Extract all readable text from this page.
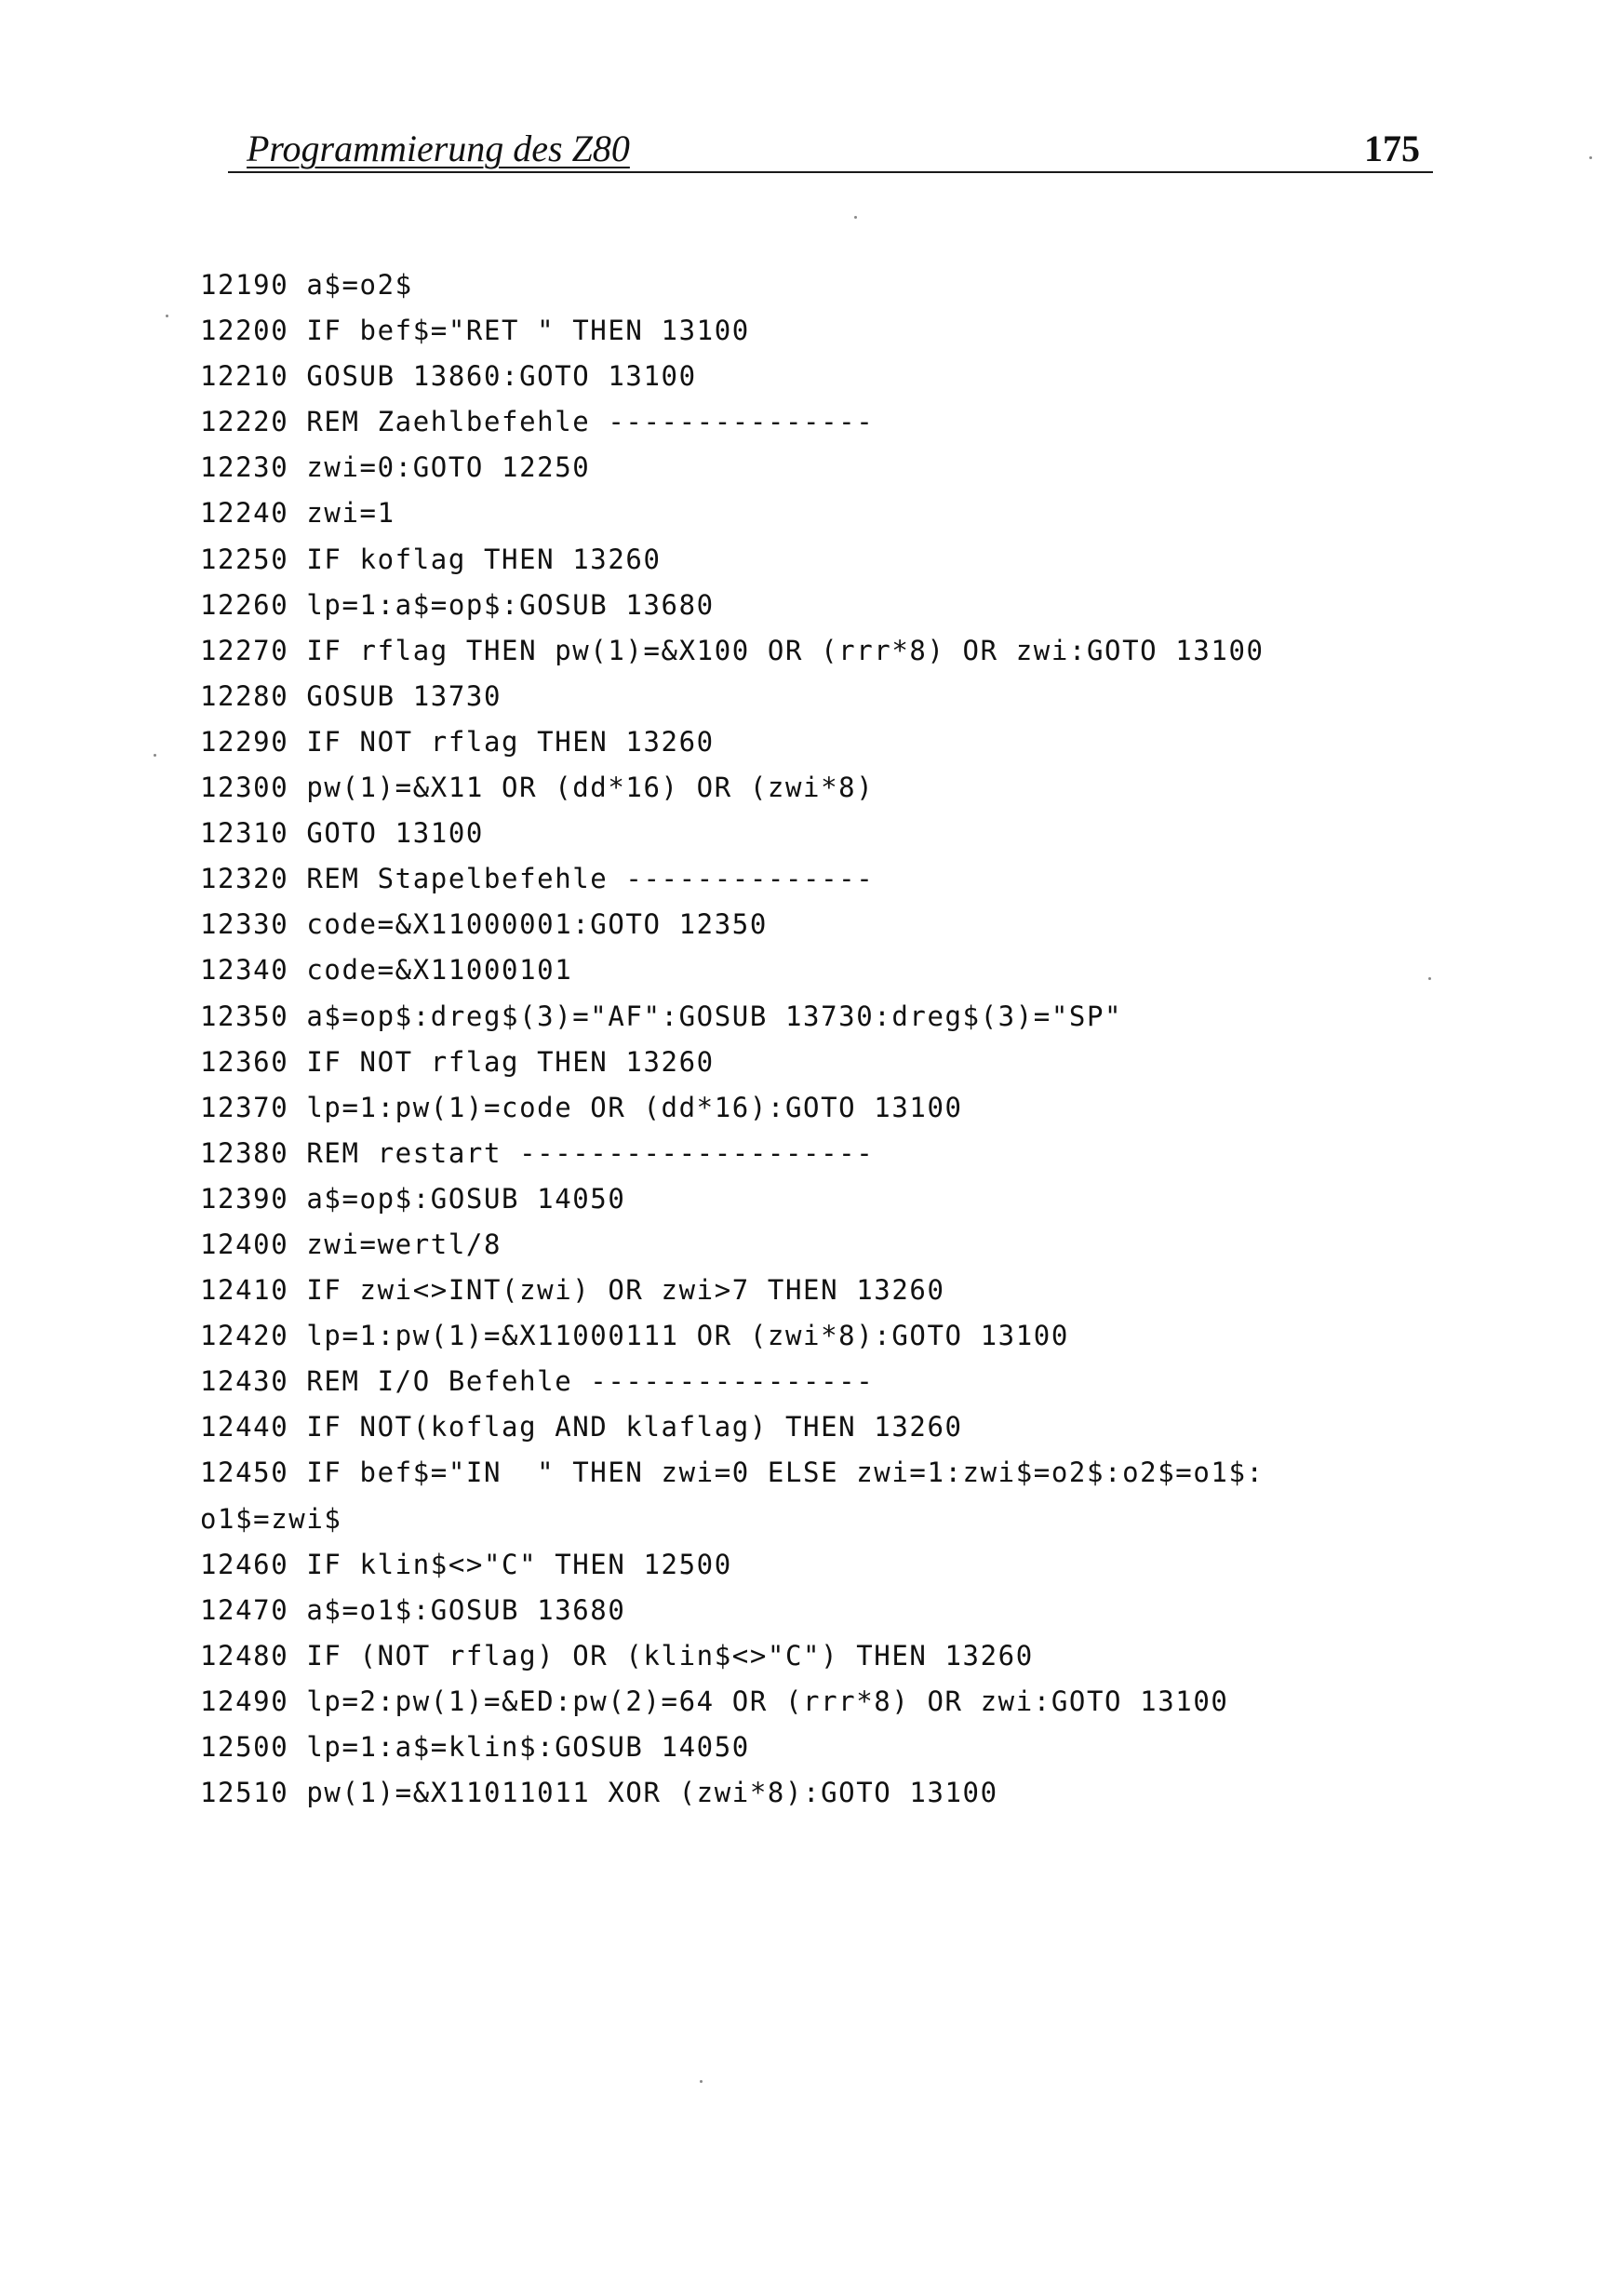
Programmierung des Z80	175
12190 a$=o2$
12200 IF bef$="RET " THEN 13100
12210 GOSUB 13860:GOTO 13100
12220 REM Zaehlbefehle ---------------
12230 zwi=0:GOTO 12250
12240 zwi=1
12250 IF koflag THEN 13260
12260 lp=1:a$=op$:GOSUB 13680
12270 IF rflag THEN pw(1)=&X100 OR (rrr*8) OR zwi:GOTO 13100
12280 GOSUB 13730
12290 IF NOT rflag THEN 13260
12300 pw(1)=&X11 OR (dd*16) OR (zwi*8)
12310 GOTO 13100
12320 REM Stapelbefehle --------------
12330 code=&X11000001:GOTO 12350
12340 code=&X11000101
12350 a$=op$:dreg$(3)="AF":GOSUB 13730:dreg$(3)="SP"
12360 IF NOT rflag THEN 13260
12370 lp=1:pw(1)=code OR (dd*16):GOTO 13100
12380 REM restart --------------------
12390 a$=op$:GOSUB 14050
12400 zwi=wertl/8
12410 IF zwi<>INT(zwi) OR zwi>7 THEN 13260
12420 lp=1:pw(1)=&X11000111 OR (zwi*8):GOTO 13100
12430 REM I/O Befehle ----------------
12440 IF NOT(koflag AND klaflag) THEN 13260
12450 IF bef$="IN  " THEN zwi=0 ELSE zwi=1:zwi$=o2$:o2$=o1$:
o1$=zwi$
12460 IF klin$<>"C" THEN 12500
12470 a$=o1$:GOSUB 13680
12480 IF (NOT rflag) OR (klin$<>"C") THEN 13260
12490 lp=2:pw(1)=&ED:pw(2)=64 OR (rrr*8) OR zwi:GOTO 13100
12500 lp=1:a$=klin$:GOSUB 14050
12510 pw(1)=&X11011011 XOR (zwi*8):GOTO 13100
